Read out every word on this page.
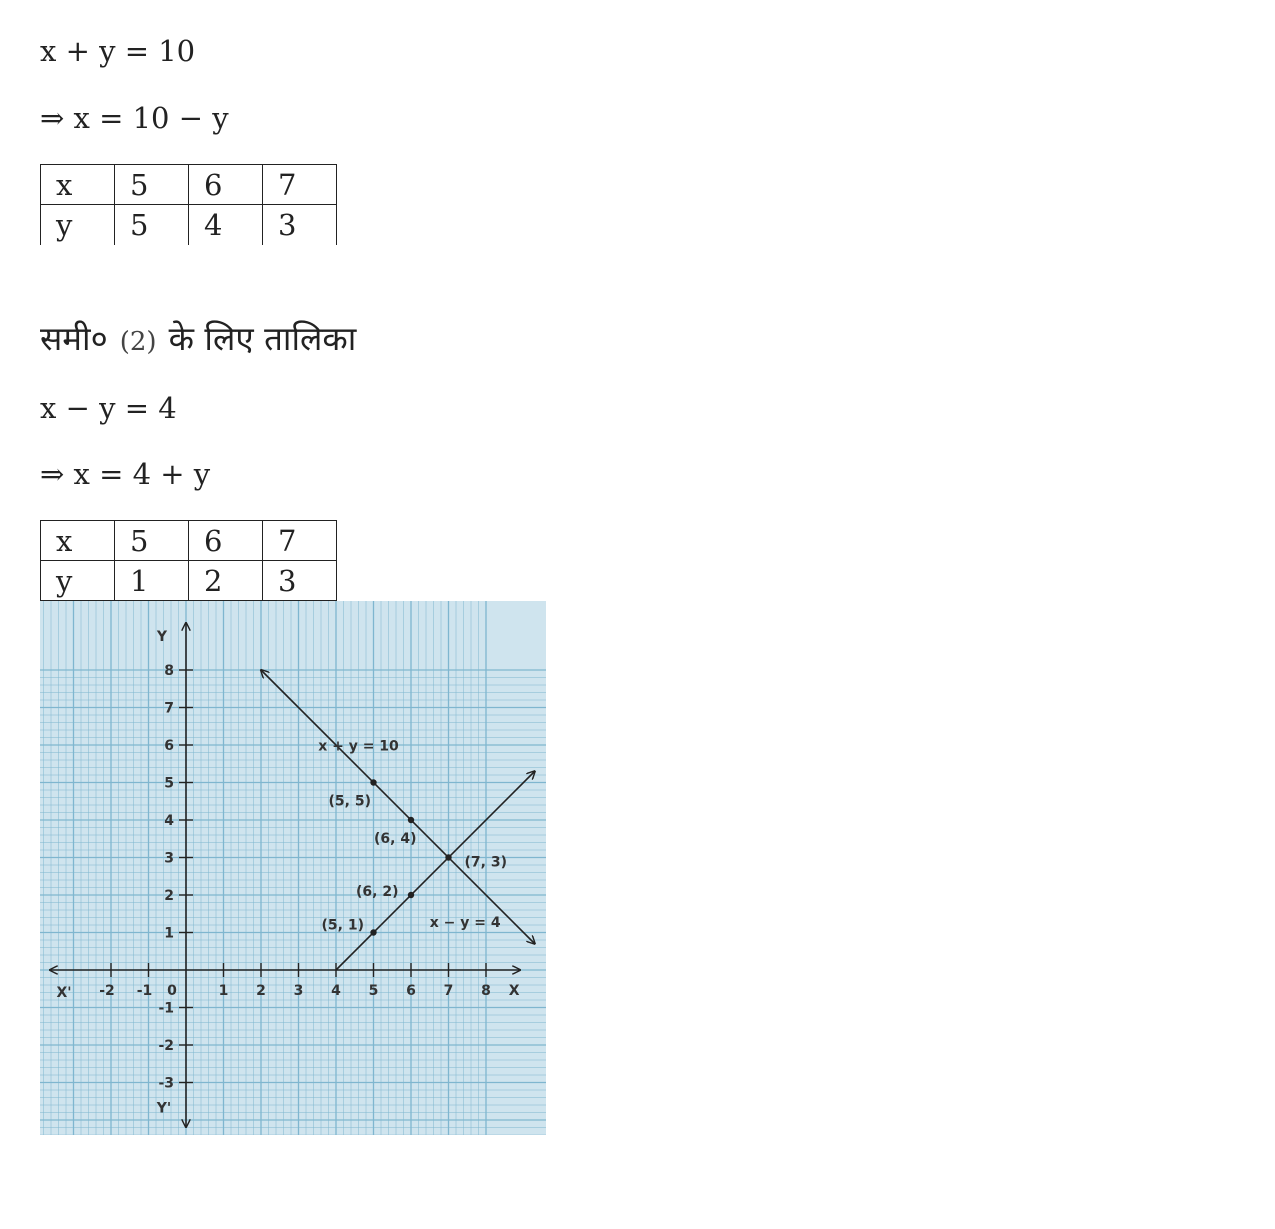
x + y = 10
⇒ x = 10 − y
x	5	6	7
y	5	4	3
समी० (2) के लिए तालिका
x − y = 4
⇒ x = 4 + y
x	5	6	7
y	1	2	3
-2 -1 0	1 2 3 4 5 6 7 8
-3
-2
-1
1
2
3
4
5
6
7
8
X'	X
Y
Y'
x + y = 10
x − y = 4
(5, 5)
(6, 4)
(7, 3)
(6, 2)
(5, 1)
